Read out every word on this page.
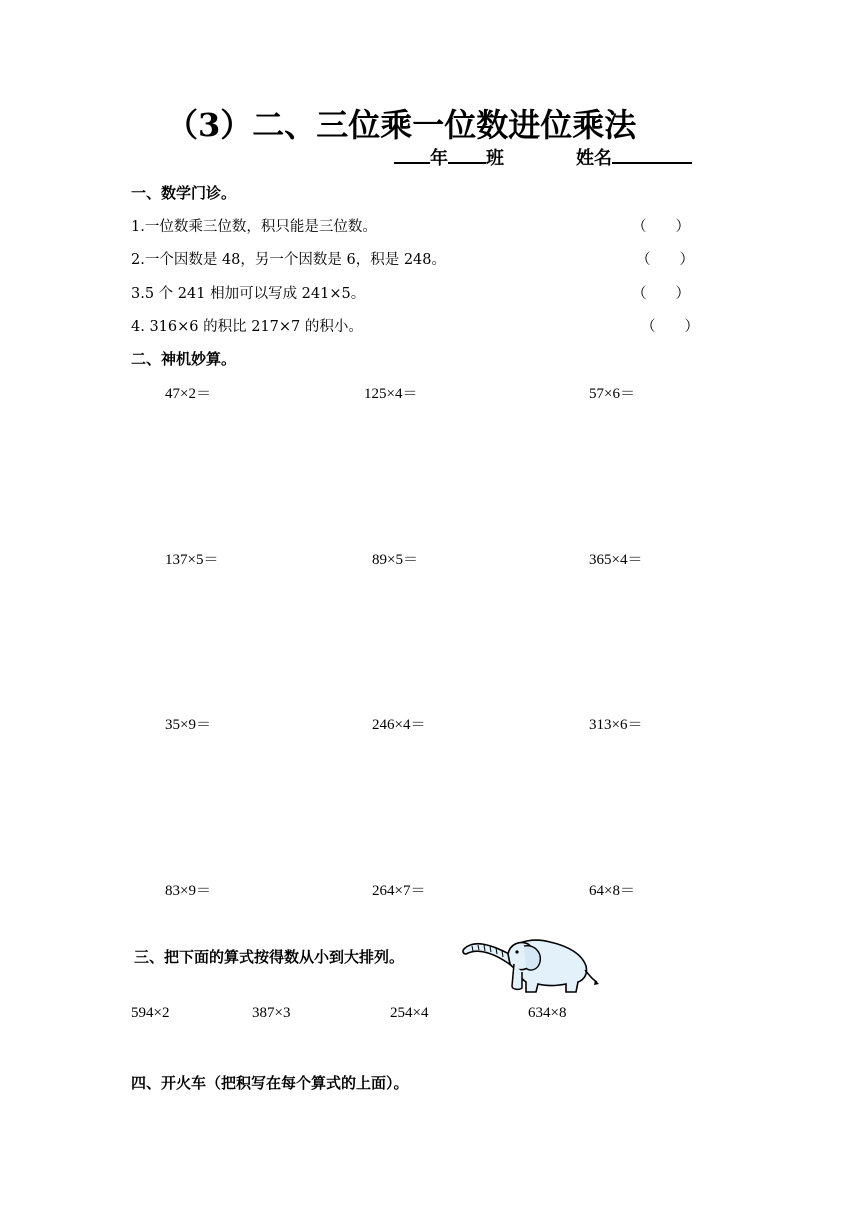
（3）二、三位乘一位数进位乘法
年 班	姓名
一、数学门诊。
1.一位数乘三位数，积只能是三位数。	（　　）
2.一个因数是 48，另一个因数是 6，积是 248。	（　　）
3.5 个 241 相加可以写成 241×5。	（　　）
4. 316×6 的积比 217×7 的积小。	（　　）
二、神机妙算。
47×2＝	125×4＝	57×6＝
137×5＝	89×5＝	365×4＝
35×9＝	246×4＝	313×6＝
83×9＝	264×7＝	64×8＝
三、把下面的算式按得数从小到大排列。
594×2	387×3	254×4	634×8
四、开火车（把积写在每个算式的上面）。
